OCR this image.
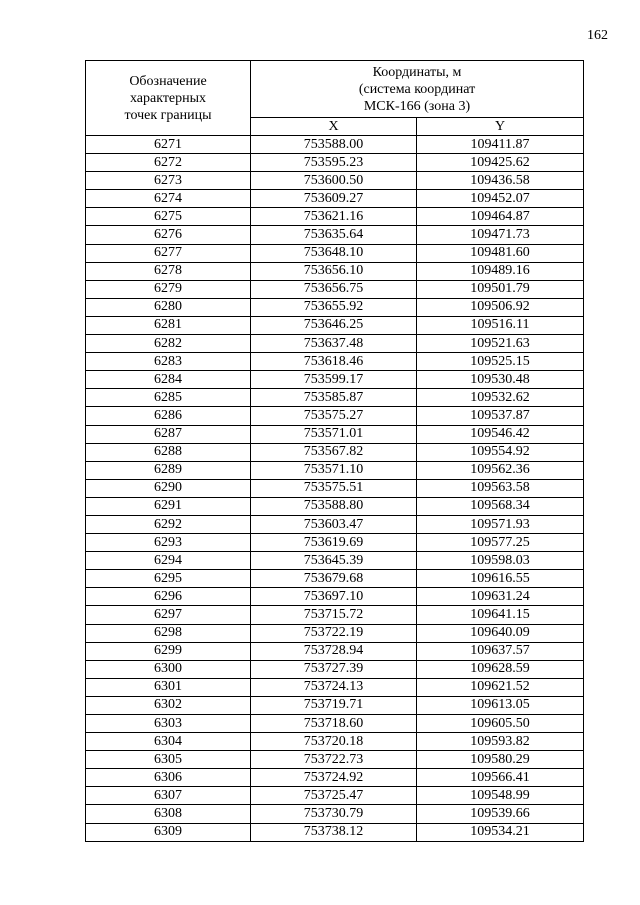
162
Обозначение
характерных
точек границы	Координаты, м
(система координат
МСК-166 (зона 3)	

	X	Y
6271	753588.00	109411.87
6272	753595.23	109425.62
6273	753600.50	109436.58
6274	753609.27	109452.07
6275	753621.16	109464.87
6276	753635.64	109471.73
6277	753648.10	109481.60
6278	753656.10	109489.16
6279	753656.75	109501.79
6280	753655.92	109506.92
6281	753646.25	109516.11
6282	753637.48	109521.63
6283	753618.46	109525.15
6284	753599.17	109530.48
6285	753585.87	109532.62
6286	753575.27	109537.87
6287	753571.01	109546.42
6288	753567.82	109554.92
6289	753571.10	109562.36
6290	753575.51	109563.58
6291	753588.80	109568.34
6292	753603.47	109571.93
6293	753619.69	109577.25
6294	753645.39	109598.03
6295	753679.68	109616.55
6296	753697.10	109631.24
6297	753715.72	109641.15
6298	753722.19	109640.09
6299	753728.94	109637.57
6300	753727.39	109628.59
6301	753724.13	109621.52
6302	753719.71	109613.05
6303	753718.60	109605.50
6304	753720.18	109593.82
6305	753722.73	109580.29
6306	753724.92	109566.41
6307	753725.47	109548.99
6308	753730.79	109539.66
6309	753738.12	109534.21
